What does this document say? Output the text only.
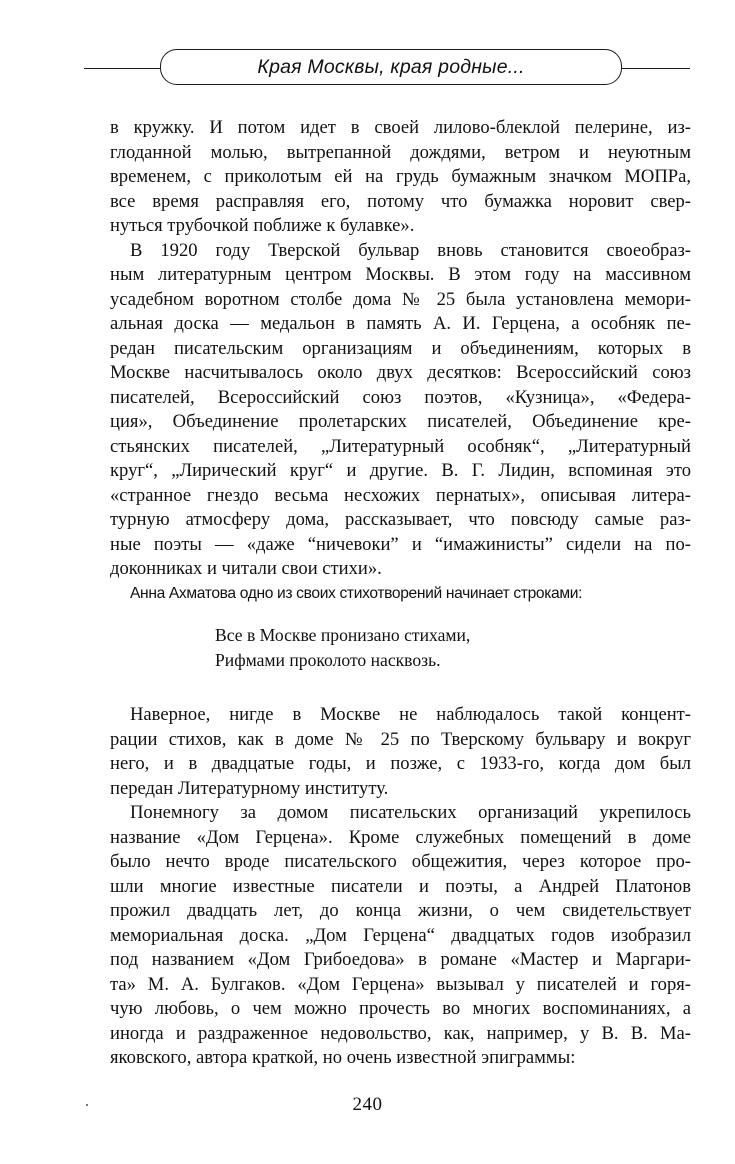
Края Москвы, края родные...
в кружку. И потом идет в своей лилово-блеклой пелерине, из-
глоданной молью, вытрепанной дождями, ветром и неуютным
временем, с приколотым ей на грудь бумажным значком МОПРа,
все время расправляя его, потому что бумажка норовит свер-
нуться трубочкой поближе к булавке».
В 1920 году Тверской бульвар вновь становится своеобраз-
ным литературным центром Москвы. В этом году на массивном
усадебном воротном столбе дома № 25 была установлена мемори-
альная доска — медальон в память А. И. Герцена, а особняк пе-
редан писательским организациям и объединениям, которых в
Москве насчитывалось около двух десятков: Всероссийский союз
писателей, Всероссийский союз поэтов, «Кузница», «Федера-
ция», Объединение пролетарских писателей, Объединение кре-
стьянских писателей, „Литературный особняк“, „Литературный
круг“, „Лирический круг“ и другие. В. Г. Лидин, вспоминая это
«странное гнездо весьма несхожих пернатых», описывая литера-
турную атмосферу дома, рассказывает, что повсюду самые раз-
ные поэты — «даже “ничевоки” и “имажинисты” сидели на по-
доконниках и читали свои стихи».
Анна Ахматова одно из своих стихотворений начинает строками:
Все в Москве пронизано стихами,
Рифмами проколото насквозь.
Наверное, нигде в Москве не наблюдалось такой концент-
рации стихов, как в доме № 25 по Тверскому бульвару и вокруг
него, и в двадцатые годы, и позже, с 1933-го, когда дом был
передан Литературному институту.
Понемногу за домом писательских организаций укрепилось
название «Дом Герцена». Кроме служебных помещений в доме
было нечто вроде писательского общежития, через которое про-
шли многие известные писатели и поэты, а Андрей Платонов
прожил двадцать лет, до конца жизни, о чем свидетельствует
мемориальная доска. „Дом Герцена“ двадцатых годов изобразил
под названием «Дом Грибоедова» в романе «Мастер и Маргари-
та» М. А. Булгаков. «Дом Герцена» вызывал у писателей и горя-
чую любовь, о чем можно прочесть во многих воспоминаниях, а
иногда и раздраженное недовольство, как, например, у В. В. Ма-
яковского, автора краткой, но очень известной эпиграммы:
240
